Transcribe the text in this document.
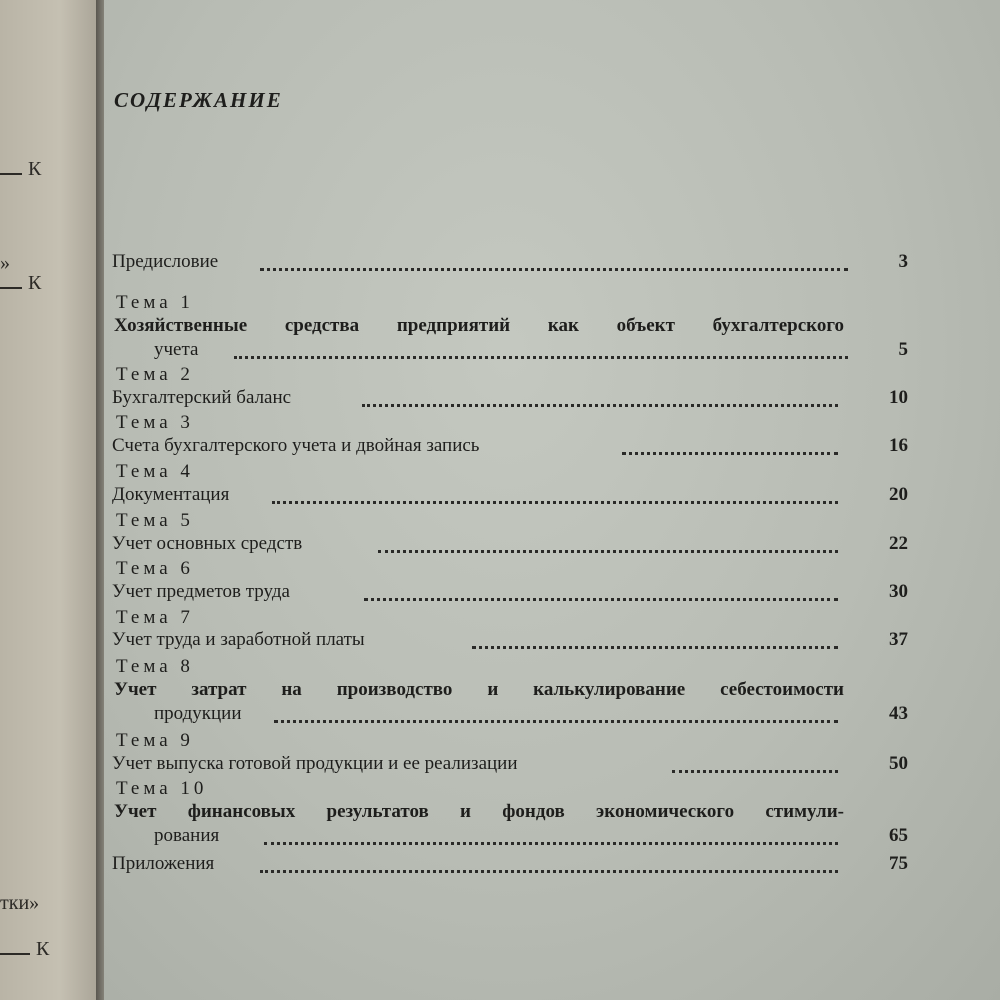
К
»
К
тки»
К
СОДЕРЖАНИЕ
Предисловие	3
Тема 1
Хозяйственные средства предприятий как объект бухгалтерского
учета	5
Тема 2
Бухгалтерский баланс	10
Тема 3
Счета бухгалтерского учета и двойная запись	16
Тема 4
Документация	20
Тема 5
Учет основных средств	22
Тема 6
Учет предметов труда	30
Тема 7
Учет труда и заработной платы	37
Тема 8
Учет затрат на производство и калькулирование себестоимости
продукции	43
Тема 9
Учет выпуска готовой продукции и ее реализации	50
Тема 10
Учет финансовых результатов и фондов экономического стимули-
рования	65
Приложения	75
